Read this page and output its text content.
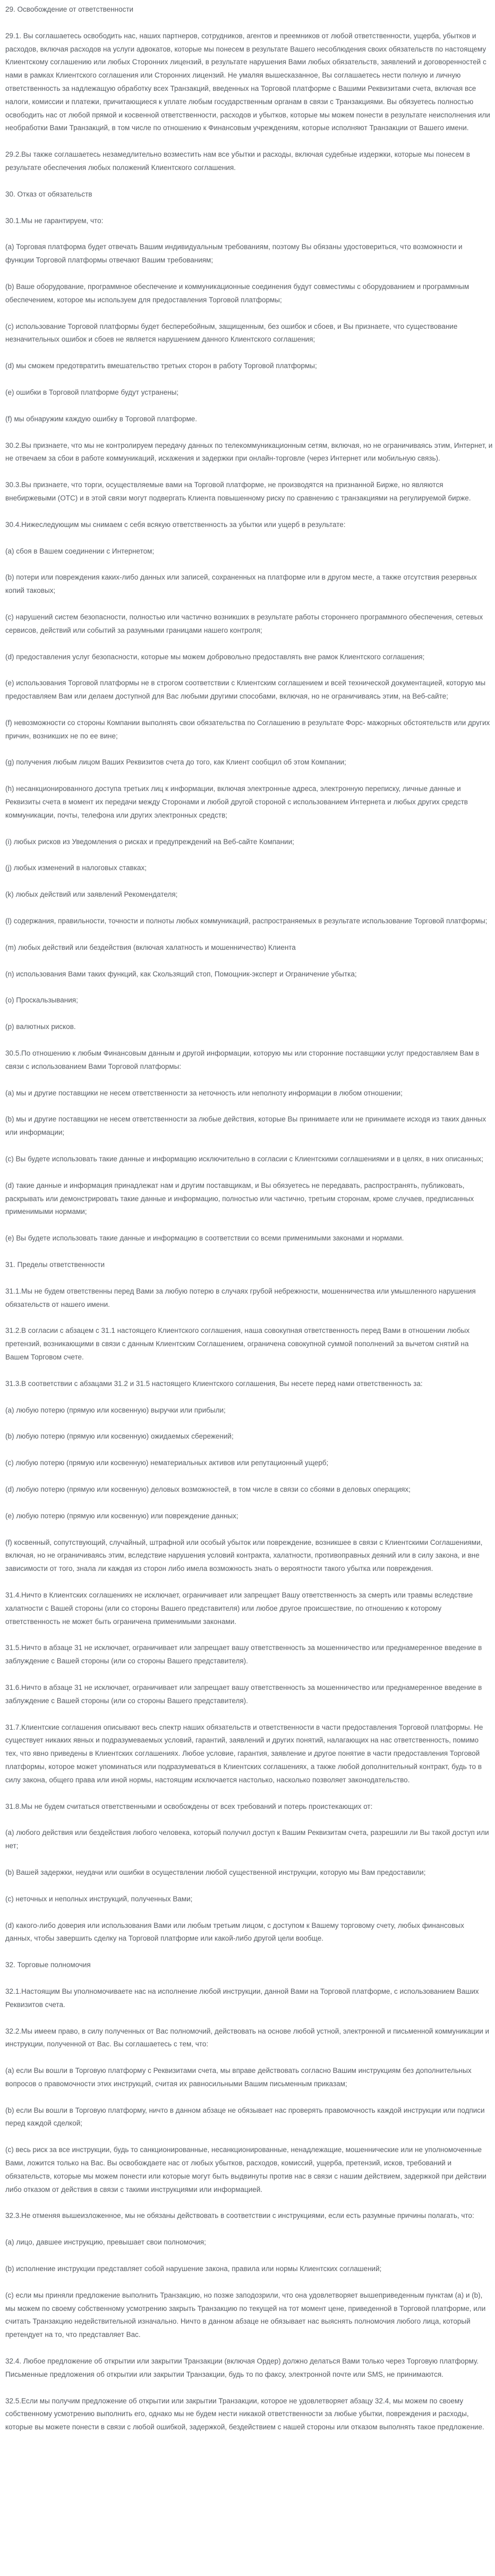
29. Освобождение от ответственности

29.1. Вы соглашаетесь освободить нас, наших партнеров, сотрудников, агентов и преемников от любой ответственности, ущерба, убытков и расходов, включая расходов на услуги адвокатов, которые мы понесем в результате Вашего несоблюдения своих обязательств по настоящему Клиентскому соглашению или любых Сторонних лицензий, в результате нарушения Вами любых обязательств, заявлений и договоренностей с нами в рамках Клиентского соглашения или Сторонних лицензий. Не умаляя вышесказанное, Вы соглашаетесь нести полную и личную ответственность за надлежащую обработку всех Транзакций, введенных на Торговой платформе с Вашими Реквизитами счета, включая все налоги, комиссии и платежи, причитающиеся к уплате любым государственным органам в связи с Транзакциями. Вы обязуетесь полностью освободить нас от любой прямой и косвенной ответственности, расходов и убытков, которые мы можем понести в результате неисполнения или необработки Вами Транзакций, в том числе по отношению к Финансовым учреждениям, которые исполняют Транзакции от Вашего имени.

29.2.Вы также соглашаетесь незамедлительно возместить нам все убытки и расходы, включая судебные издержки, которые мы понесем в результате обеспечения любых положений Клиентского соглашения.

30. Отказ от обязательств

30.1.Мы не гарантируем, что:

(a) Торговая платформа будет отвечать Вашим индивидуальным требованиям, поэтому Вы обязаны удостовериться, что возможности и функции Торговой платформы отвечают Вашим требованиям;

(b) Ваше оборудование, программное обеспечение и коммуникационные соединения будут совместимы с оборудованием и программным обеспечением, которое мы используем для предоставления Торговой платформы;

(c) использование Торговой платформы будет бесперебойным, защищенным, без ошибок и сбоев, и Вы признаете, что существование незначительных ошибок и сбоев не является нарушением данного Клиентского соглашения;

(d) мы сможем предотвратить вмешательство третьих сторон в работу Торговой платформы;

(e) ошибки в Торговой платформе будут устранены;

(f) мы обнаружим каждую ошибку в Торговой платформе.

30.2.Вы признаете, что мы не контролируем передачу данных по телекоммуникационным сетям, включая, но не ограничиваясь этим, Интернет, и не отвечаем за сбои в работе коммуникаций, искажения и задержки при онлайн-торговле (через Интернет или мобильную связь).

30.3.Вы признаете, что торги, осуществляемые вами на Торговой платформе, не производятся на признанной Бирже, но являются внебиржевыми (ОТС) и в этой связи могут подвергать Клиента повышенному риску по сравнению с транзакциями на регулируемой бирже.

30.4.Нижеследующим мы снимаем с себя всякую ответственность за убытки или ущерб в результате:

(a) сбоя в Вашем соединении с Интернетом;

(b) потери или повреждения каких-либо данных или записей, сохраненных на платформе или в другом месте, а также отсутствия резервных копий таковых;

(c) нарушений систем безопасности, полностью или частично возникших в результате работы стороннего программного обеспечения, сетевых сервисов, действий или событий за разумными границами нашего контроля;

(d) предоставления услуг безопасности, которые мы можем добровольно предоставлять вне рамок Клиентского соглашения;

(e) использования Торговой платформы не в строгом соответствии с Клиентским соглашением и всей технической документацией, которую мы предоставляем Вам или делаем доступной для Вас любыми другими способами, включая, но не ограничиваясь этим, на Веб-сайте;

(f) невозможности со стороны Компании выполнять свои обязательства по Соглашению в результате Форс- мажорных обстоятельств или других причин, возникших не по ее вине;

(g) получения любым лицом Ваших Реквизитов счета до того, как Клиент сообщил об этом Компании;

(h) несанкционированного доступа третьих лиц к информации, включая электронные адреса, электронную переписку, личные данные и Реквизиты счета в момент их передачи между Сторонами и любой другой стороной с использованием Интернета и любых других средств коммуникации, почты, телефона или других электронных средств;

(i) любых рисков из Уведомления о рисках и предупреждений на Веб-сайте Компании;

(j) любых изменений в налоговых ставках;

(k) любых действий или заявлений Рекомендателя;

(l) содержания, правильности, точности и полноты любых коммуникаций, распространяемых в результате использование Торговой платформы;

(m) любых действий или бездействия (включая халатность и мошенничество) Клиента

(n) использования Вами таких функций, как Скользящий стоп, Помощник-эксперт и Ограничение убытка;

(o) Проскальзывания;

(p) валютных рисков.

30.5.По отношению к любым Финансовым данным и другой информации, которую мы или сторонние поставщики услуг предоставляем Вам в связи с использованием Вами Торговой платформы:

(a) мы и другие поставщики не несем ответственности за неточность или неполноту информации в любом отношении;

(b) мы и другие поставщики не несем ответственности за любые действия, которые Вы принимаете или не принимаете исходя из таких данных или информации;

(c) Вы будете использовать такие данные и информацию исключительно в согласии с Клиентскими соглашениями и в целях, в них описанных;

(d) такие данные и информация принадлежат нам и другим поставщикам, и Вы обязуетесь не передавать, распространять, публиковать, раскрывать или демонстрировать такие данные и информацию, полностью или частично, третьим сторонам, кроме случаев, предписанных применимыми нормами;

(e) Вы будете использовать такие данные и информацию в соответствии со всеми применимыми законами и нормами.

31. Пределы ответственности

31.1.Мы не будем ответственны перед Вами за любую потерю в случаях грубой небрежности, мошенничества или умышленного нарушения обязательств от нашего имени.

31.2.В согласии с абзацем с 31.1 настоящего Клиентского соглашения, наша совокупная ответственность перед Вами в отношении любых претензий, возникающими в связи с данным Клиентским Соглашением, ограничена совокупной суммой пополнений за вычетом снятий на Вашем Торговом счете.

31.3.В соответствии с абзацами 31.2 и 31.5 настоящего Клиентского соглашения, Вы несете перед нами ответственность за:

(a) любую потерю (прямую или косвенную) выручки или прибыли;

(b) любую потерю (прямую или косвенную) ожидаемых сбережений;

(c) любую потерю (прямую или косвенную) нематериальных активов или репутационный ущерб;

(d) любую потерю (прямую или косвенную) деловых возможностей, в том числе в связи со сбоями в деловых операциях;

(e) любую потерю (прямую или косвенную) или повреждение данных;

(f) косвенный, сопутствующий, случайный, штрафной или особый убыток или повреждение, возникшее в связи с Клиентскими Соглашениями, включая, но не ограничиваясь этим, вследствие нарушения условий контракта, халатности, противоправных деяний или в силу закона, и вне зависимости от того, знала ли каждая из сторон либо имела возможность знать о вероятности такого убытка или повреждения.

31.4.Ничто в Клиентских соглашениях не исключает, ограничивает или запрещает Вашу ответственность за смерть или травмы вследствие халатности с Вашей стороны (или со стороны Вашего представителя) или любое другое происшествие, по отношению к которому ответственность не может быть ограничена применимыми законами.

31.5.Ничто в абзаце 31 не исключает, ограничивает или запрещает вашу ответственность за мошенничество или преднамеренное введение в заблуждение с Вашей стороны (или со стороны Вашего представителя).

31.6.Ничто в абзаце 31 не исключает, ограничивает или запрещает вашу ответственность за мошенничество или преднамеренное введение в заблуждение с Вашей стороны (или со стороны Вашего представителя).

31.7.Клиентские соглашения описывают весь спектр наших обязательств и ответственности в части предоставления Торговой платформы. Не существует никаких явных и подразумеваемых условий, гарантий, заявлений и других понятий, налагающих на нас ответственность, помимо тех, что явно приведены в Клиентских соглашениях. Любое условие, гарантия, заявление и другое понятие в части предоставления Торговой платформы, которое может упоминаться или подразумеваться в Клиентских соглашениях, а также любой дополнительный контракт, будь то в силу закона, общего права или иной нормы, настоящим исключается настолько, насколько позволяет законодательство.

31.8.Мы не будем считаться ответственными и освобождены от всех требований и потерь проистекающих от:

(a) любого действия или бездействия любого человека, который получил доступ к Вашим Реквизитам счета, разрешили ли Вы такой доступ или нет;

(b) Вашей задержки, неудачи или ошибки в осуществлении любой существенной инструкции, которую мы Вам предоставили;

(c) неточных и неполных инструкций, полученных Вами;

(d) какого-либо доверия или использования Вами или любым третьим лицом, с доступом к Вашему торговому счету, любых финансовых данных, чтобы завершить сделку на Торговой платформе или какой-либо другой цели вообще.

32. Торговые полномочия

32.1.Настоящим Вы уполномочиваете нас на исполнение любой инструкции, данной Вами на Торговой платформе, с использованием Ваших Реквизитов счета.

32.2.Мы имеем право, в силу полученных от Вас полномочий, действовать на основе любой устной, электронной и письменной коммуникации и инструкции, полученной от Вас. Вы соглашаетесь с тем, что:

(a) если Вы вошли в Торговую платформу с Реквизитами счета, мы вправе действовать согласно Вашим инструкциям без дополнительных вопросов о правомочности этих инструкций, считая их равносильными Вашим письменным приказам;

(b) если Вы вошли в Торговую платформу, ничто в данном абзаце не обязывает нас проверять правомочность каждой инструкции или подписи перед каждой сделкой;

(c) весь риск за все инструкции, будь то санкционированные, несанкционированные, ненадлежащие, мошеннические или не уполномоченные Вами, ложится только на Вас. Вы освобождаете нас от любых убытков, расходов, комиссий, ущерба, претензий, исков, требований и обязательств, которые мы можем понести или которые могут быть выдвинуты против нас в связи с нашим действием, задержкой при действии либо отказом от действия в связи с такими инструкциями или информацией.

32.3.Не отменяя вышеизложенное, мы не обязаны действовать в соответствии с инструкциями, если есть разумные причины полагать, что:

(a) лицо, давшее инструкцию, превышает свои полномочия;

(b) исполнение инструкции представляет собой нарушение закона, правила или нормы Клиентских соглашений;

(c) если мы приняли предложение выполнить Транзакцию, но позже заподозрили, что она удовлетворяет вышеприведенным пунктам (a) и (b), мы можем по своему собственному усмотрению закрыть Транзакцию по текущей на тот момент цене, приведенной в Торговой платформе, или считать Транзакцию недействительной изначально. Ничто в данном абзаце не обязывает нас выяснять полномочия любого лица, который претендует на то, что представляет Вас.

32.4. Любое предложение об открытии или закрытии Транзакции (включая Ордер) должно делаться Вами только через Торговую платформу. Письменные предложения об открытии или закрытии Транзакции, будь то по факсу, электронной почте или SMS, не принимаются.

32.5.Если мы получим предложение об открытии или закрытии Транзакции, которое не удовлетворяет абзацу 32.4, мы можем по своему собственному усмотрению выполнить его, однако мы не будем нести никакой ответственности за любые убытки, повреждения и расходы, которые вы можете понести в связи с любой ошибкой, задержкой, бездействием с нашей стороны или отказом выполнять такое предложение.
